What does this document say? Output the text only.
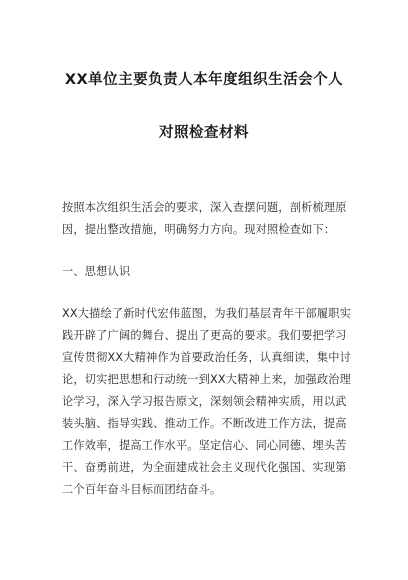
XX单位主要负责人本年度组织生活会个人
对照检查材料
按照本次组织生活会的要求，深入查摆问题，剖析梳理原
因，提出整改措施，明确努力方向。现对照检查如下：
一、思想认识
XX大描绘了新时代宏伟蓝图，为我们基层青年干部履职实
践开辟了广阔的舞台、提出了更高的要求。我们要把学习
宣传贯彻XX大精神作为首要政治任务，认真细读，集中讨
论，切实把思想和行动统一到XX大精神上来，加强政治理
论学习，深入学习报告原文，深刻领会精神实质，用以武
装头脑、指导实践、推动工作。不断改进工作方法，提高
工作效率，提高工作水平。坚定信心、同心同德、埋头苦
干、奋勇前进，为全面建成社会主义现代化强国、实现第
二个百年奋斗目标而团结奋斗。
